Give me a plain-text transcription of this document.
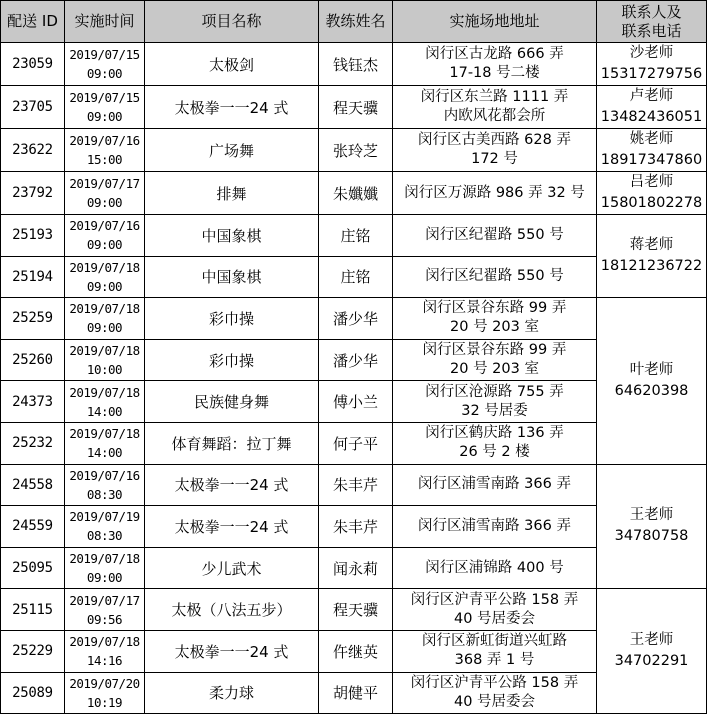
配送 ID	实施时间	项目名称	教练姓名	实施场地地址	联系人及
联系电话

23059	2019/07/15
09:00	太极剑	钱钰杰	闵行区古龙路 666 弄
17-18 号二楼	沙老师
15317279756

23705	2019/07/15
09:00	太极拳一一24 式	程天骥	闵行区东兰路 1111 弄
内欧风花都会所	卢老师
13482436051

23622	2019/07/16
15:00	广场舞	张玲芝	闵行区古美西路 628 弄
172 号	姚老师
18917347860

23792	2019/07/17
09:00	排舞	朱孅孅	闵行区万源路 986 弄 32 号	吕老师
15801802278

25193	2019/07/16
09:00	中国象棋	庄铭	闵行区纪翟路 550 号	蒋老师
18121236722

25194	2019/07/18
09:00	中国象棋	庄铭	闵行区纪翟路 550 号	

25259	2019/07/18
09:00	彩巾操	潘少华	闵行区景谷东路 99 弄
20 号 203 室	叶老师
64620398

25260	2019/07/18
10:00	彩巾操	潘少华	闵行区景谷东路 99 弄
20 号 203 室	

24373	2019/07/18
14:00	民族健身舞	傅小兰	闵行区沧源路 755 弄
32 号居委	

25232	2019/07/18
14:00	体育舞蹈：拉丁舞	何子平	闵行区鹤庆路 136 弄
26 号 2 楼	

24558	2019/07/16
08:30	太极拳一一24 式	朱丰芹	闵行区浦雪南路 366 弄	王老师
34780758

24559	2019/07/19
08:30	太极拳一一24 式	朱丰芹	闵行区浦雪南路 366 弄	

25095	2019/07/18
09:00	少儿武术	闻永莉	闵行区浦锦路 400 号	

25115	2019/07/17
09:56	太极（八法五步）	程天骥	闵行区沪青平公路 158 弄
40 号居委会	王老师
34702291

25229	2019/07/18
14:16	太极拳一一24 式	仵继英	闵行区新虹街道兴虹路
368 弄 1 号	

25089	2019/07/20
10:19	柔力球	胡健平	闵行区沪青平公路 158 弄
40 号居委会	
